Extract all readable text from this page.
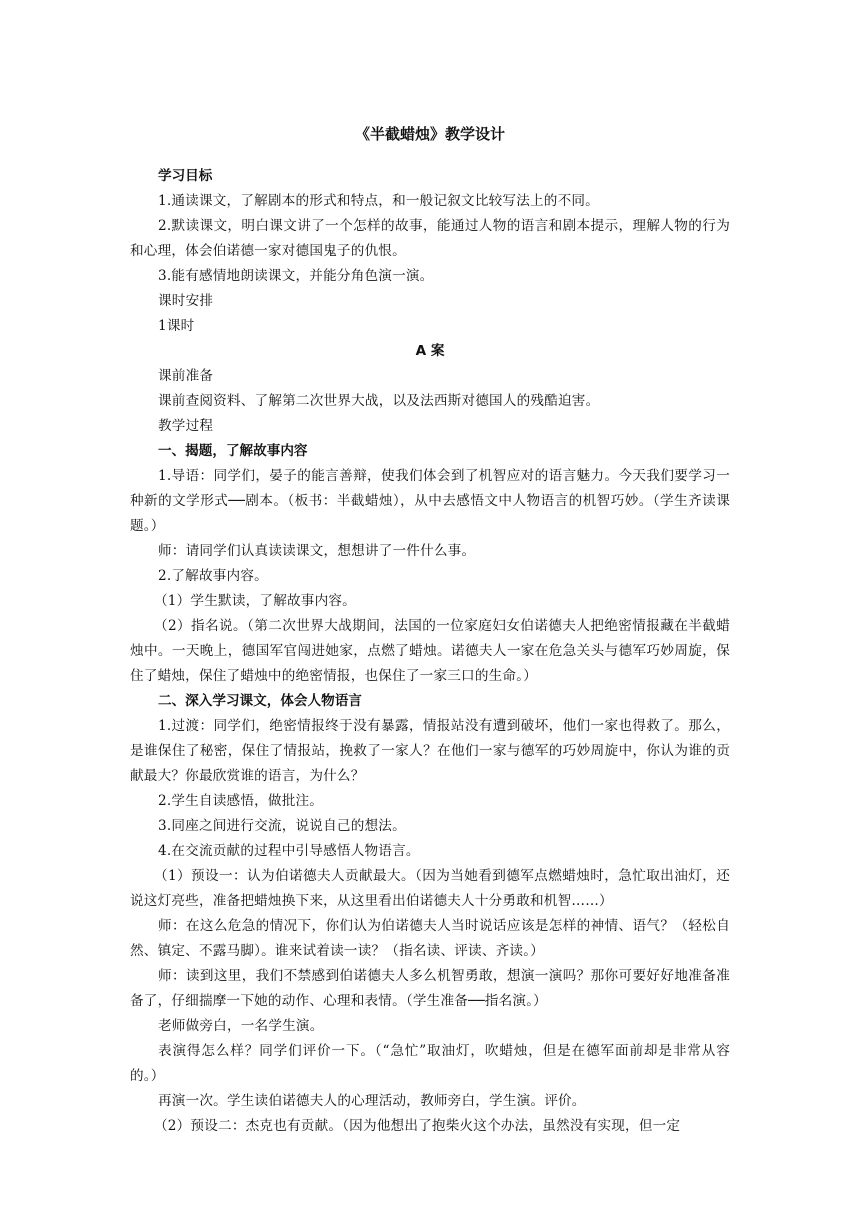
《半截蜡烛》教学设计

学习目标

1.通读课文，了解剧本的形式和特点，和一般记叙文比较写法上的不同。

2.默读课文，明白课文讲了一个怎样的故事，能通过人物的语言和剧本提示，理解人物的行为和心理，体会伯诺德一家对德国鬼子的仇恨。

3.能有感情地朗读课文，并能分角色演一演。

课时安排

1课时

A 案

课前准备

课前查阅资料、了解第二次世界大战，以及法西斯对德国人的残酷迫害。

教学过程

一、揭题，了解故事内容

1.导语：同学们，晏子的能言善辩，使我们体会到了机智应对的语言魅力。今天我们要学习一种新的文学形式──剧本。（板书：半截蜡烛），从中去感悟文中人物语言的机智巧妙。（学生齐读课题。）

师：请同学们认真读读课文，想想讲了一件什么事。

2.了解故事内容。

（1）学生默读，了解故事内容。

（2）指名说。（第二次世界大战期间，法国的一位家庭妇女伯诺德夫人把绝密情报藏在半截蜡烛中。一天晚上，德国军官闯进她家，点燃了蜡烛。诺德夫人一家在危急关头与德军巧妙周旋，保住了蜡烛，保住了蜡烛中的绝密情报，也保住了一家三口的生命。）

二、深入学习课文，体会人物语言

1.过渡：同学们，绝密情报终于没有暴露，情报站没有遭到破坏，他们一家也得救了。那么，是谁保住了秘密，保住了情报站，挽救了一家人？在他们一家与德军的巧妙周旋中，你认为谁的贡献最大？你最欣赏谁的语言，为什么？

2.学生自读感悟，做批注。

3.同座之间进行交流，说说自己的想法。

4.在交流贡献的过程中引导感悟人物语言。

（1）预设一：认为伯诺德夫人贡献最大。（因为当她看到德军点燃蜡烛时，急忙取出油灯，还说这灯亮些，准备把蜡烛换下来，从这里看出伯诺德夫人十分勇敢和机智……）

师：在这么危急的情况下，你们认为伯诺德夫人当时说话应该是怎样的神情、语气？（轻松自然、镇定、不露马脚）。谁来试着读一读？（指名读、评读、齐读。）

师：读到这里，我们不禁感到伯诺德夫人多么机智勇敢，想演一演吗？那你可要好好地准备准备了，仔细揣摩一下她的动作、心理和表情。（学生准备──指名演。）

老师做旁白，一名学生演。

表演得怎么样？同学们评价一下。（“急忙”取油灯，吹蜡烛，但是在德军面前却是非常从容的。）

再演一次。学生读伯诺德夫人的心理活动，教师旁白，学生演。评价。

（2）预设二：杰克也有贡献。（因为他想出了抱柴火这个办法，虽然没有实现，但一定
